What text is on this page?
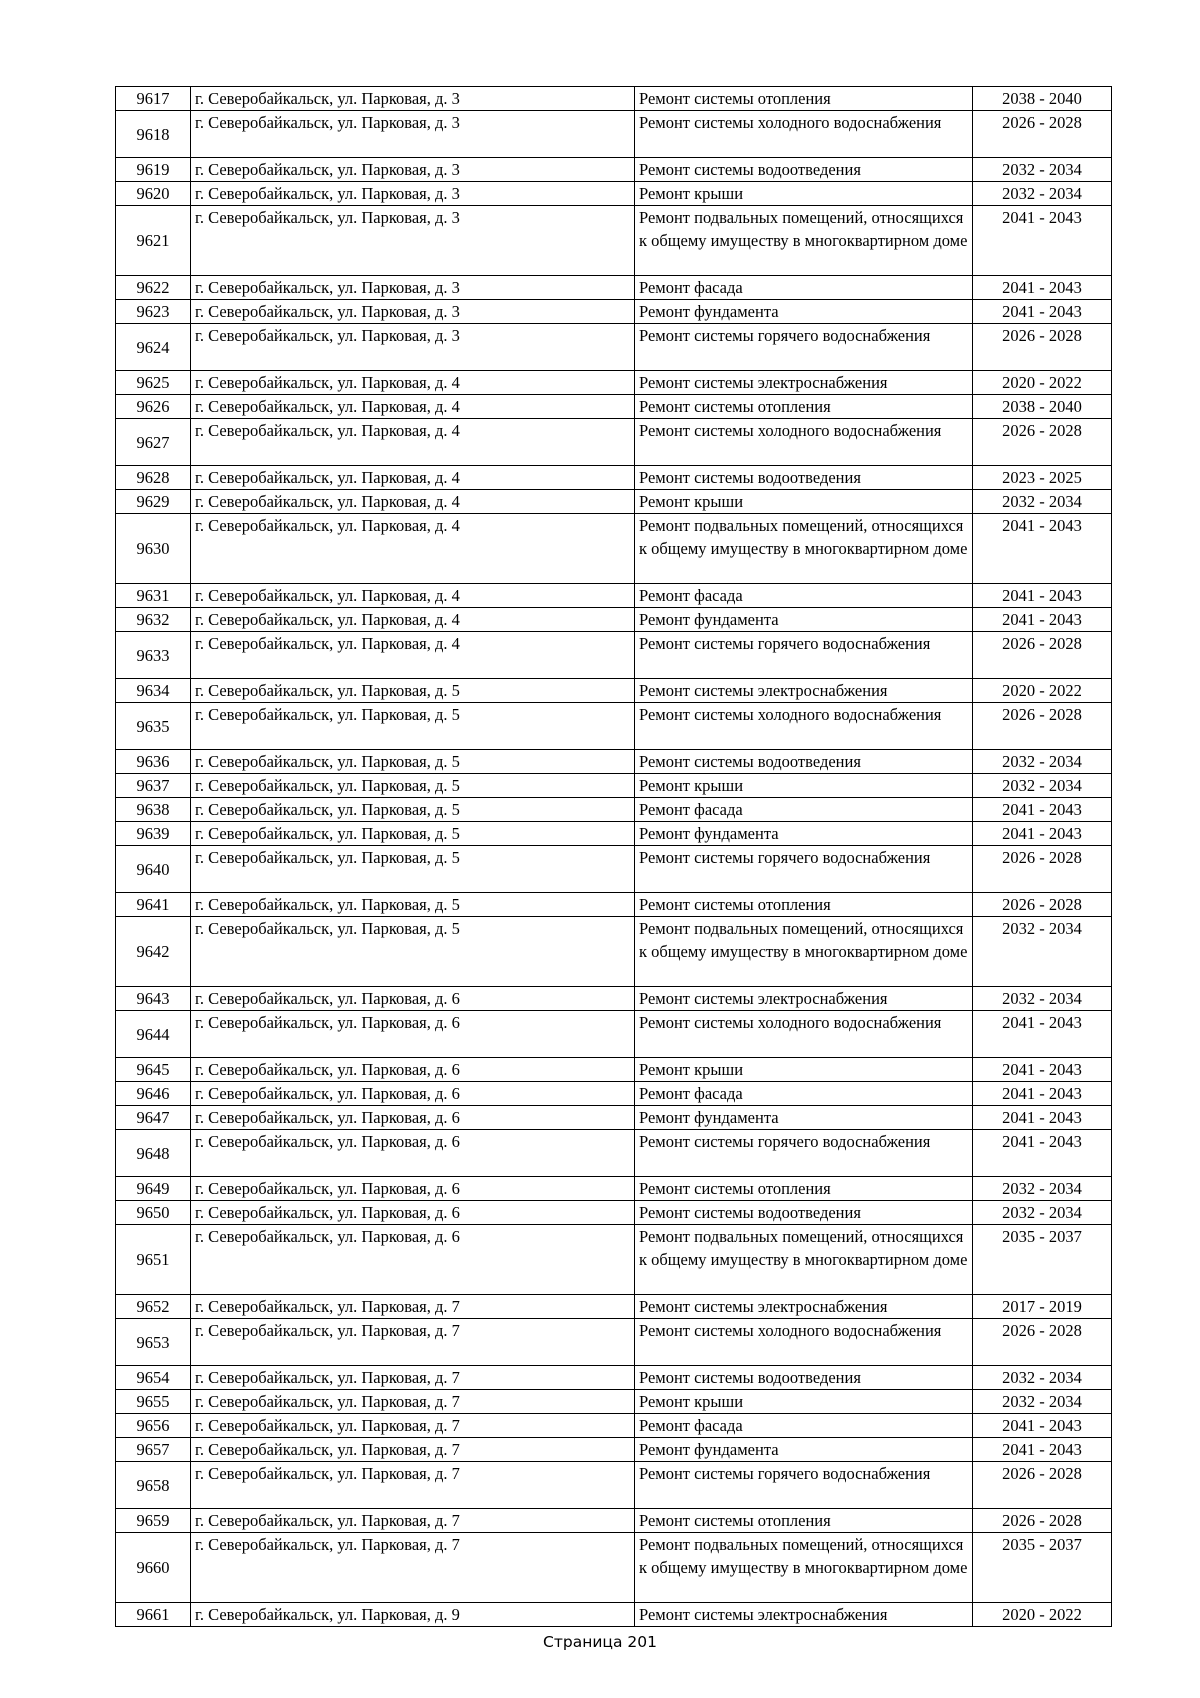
9617	г. Северобайкальск, ул. Парковая, д. 3	Ремонт системы отопления	2038 - 2040
9618	г. Северобайкальск, ул. Парковая, д. 3	Ремонт системы холодного водоснабжения	2026 - 2028
9619	г. Северобайкальск, ул. Парковая, д. 3	Ремонт системы водоотведения	2032 - 2034
9620	г. Северобайкальск, ул. Парковая, д. 3	Ремонт крыши	2032 - 2034
9621	г. Северобайкальск, ул. Парковая, д. 3	Ремонт подвальных помещений, относящихся к общему имуществу в многоквартирном доме	2041 - 2043
9622	г. Северобайкальск, ул. Парковая, д. 3	Ремонт фасада	2041 - 2043
9623	г. Северобайкальск, ул. Парковая, д. 3	Ремонт фундамента	2041 - 2043
9624	г. Северобайкальск, ул. Парковая, д. 3	Ремонт системы горячего водоснабжения	2026 - 2028
9625	г. Северобайкальск, ул. Парковая, д. 4	Ремонт системы электроснабжения	2020 - 2022
9626	г. Северобайкальск, ул. Парковая, д. 4	Ремонт системы отопления	2038 - 2040
9627	г. Северобайкальск, ул. Парковая, д. 4	Ремонт системы холодного водоснабжения	2026 - 2028
9628	г. Северобайкальск, ул. Парковая, д. 4	Ремонт системы водоотведения	2023 - 2025
9629	г. Северобайкальск, ул. Парковая, д. 4	Ремонт крыши	2032 - 2034
9630	г. Северобайкальск, ул. Парковая, д. 4	Ремонт подвальных помещений, относящихся к общему имуществу в многоквартирном доме	2041 - 2043
9631	г. Северобайкальск, ул. Парковая, д. 4	Ремонт фасада	2041 - 2043
9632	г. Северобайкальск, ул. Парковая, д. 4	Ремонт фундамента	2041 - 2043
9633	г. Северобайкальск, ул. Парковая, д. 4	Ремонт системы горячего водоснабжения	2026 - 2028
9634	г. Северобайкальск, ул. Парковая, д. 5	Ремонт системы электроснабжения	2020 - 2022
9635	г. Северобайкальск, ул. Парковая, д. 5	Ремонт системы холодного водоснабжения	2026 - 2028
9636	г. Северобайкальск, ул. Парковая, д. 5	Ремонт системы водоотведения	2032 - 2034
9637	г. Северобайкальск, ул. Парковая, д. 5	Ремонт крыши	2032 - 2034
9638	г. Северобайкальск, ул. Парковая, д. 5	Ремонт фасада	2041 - 2043
9639	г. Северобайкальск, ул. Парковая, д. 5	Ремонт фундамента	2041 - 2043
9640	г. Северобайкальск, ул. Парковая, д. 5	Ремонт системы горячего водоснабжения	2026 - 2028
9641	г. Северобайкальск, ул. Парковая, д. 5	Ремонт системы отопления	2026 - 2028
9642	г. Северобайкальск, ул. Парковая, д. 5	Ремонт подвальных помещений, относящихся к общему имуществу в многоквартирном доме	2032 - 2034
9643	г. Северобайкальск, ул. Парковая, д. 6	Ремонт системы электроснабжения	2032 - 2034
9644	г. Северобайкальск, ул. Парковая, д. 6	Ремонт системы холодного водоснабжения	2041 - 2043
9645	г. Северобайкальск, ул. Парковая, д. 6	Ремонт крыши	2041 - 2043
9646	г. Северобайкальск, ул. Парковая, д. 6	Ремонт фасада	2041 - 2043
9647	г. Северобайкальск, ул. Парковая, д. 6	Ремонт фундамента	2041 - 2043
9648	г. Северобайкальск, ул. Парковая, д. 6	Ремонт системы горячего водоснабжения	2041 - 2043
9649	г. Северобайкальск, ул. Парковая, д. 6	Ремонт системы отопления	2032 - 2034
9650	г. Северобайкальск, ул. Парковая, д. 6	Ремонт системы водоотведения	2032 - 2034
9651	г. Северобайкальск, ул. Парковая, д. 6	Ремонт подвальных помещений, относящихся к общему имуществу в многоквартирном доме	2035 - 2037
9652	г. Северобайкальск, ул. Парковая, д. 7	Ремонт системы электроснабжения	2017 - 2019
9653	г. Северобайкальск, ул. Парковая, д. 7	Ремонт системы холодного водоснабжения	2026 - 2028
9654	г. Северобайкальск, ул. Парковая, д. 7	Ремонт системы водоотведения	2032 - 2034
9655	г. Северобайкальск, ул. Парковая, д. 7	Ремонт крыши	2032 - 2034
9656	г. Северобайкальск, ул. Парковая, д. 7	Ремонт фасада	2041 - 2043
9657	г. Северобайкальск, ул. Парковая, д. 7	Ремонт фундамента	2041 - 2043
9658	г. Северобайкальск, ул. Парковая, д. 7	Ремонт системы горячего водоснабжения	2026 - 2028
9659	г. Северобайкальск, ул. Парковая, д. 7	Ремонт системы отопления	2026 - 2028
9660	г. Северобайкальск, ул. Парковая, д. 7	Ремонт подвальных помещений, относящихся к общему имуществу в многоквартирном доме	2035 - 2037
9661	г. Северобайкальск, ул. Парковая, д. 9	Ремонт системы электроснабжения	2020 - 2022
Страница 201
